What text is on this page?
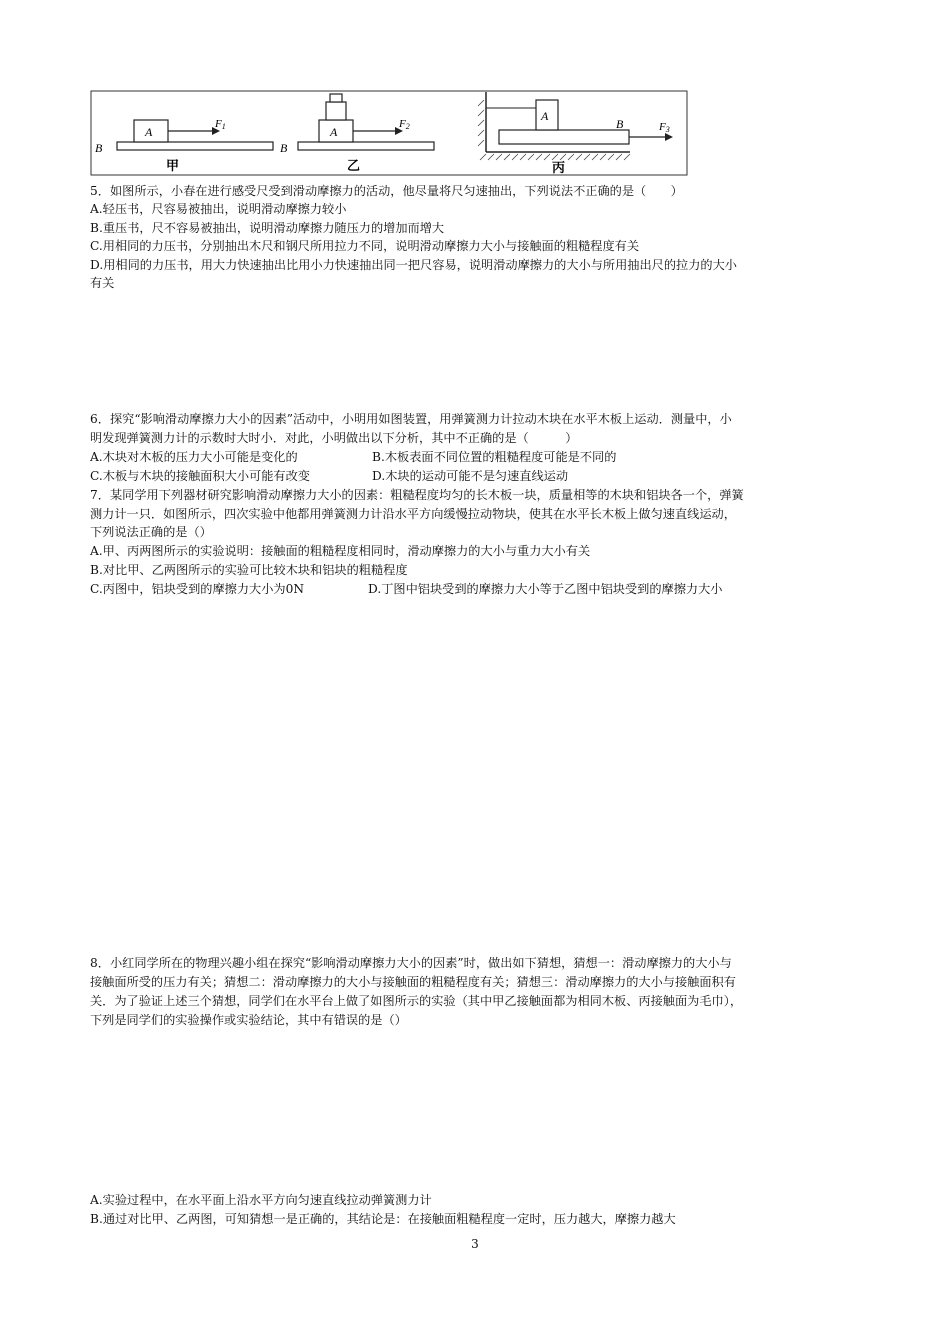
A
F1
B
甲
A
F2
B
乙
A
B	F3
丙
5．如图所示，小春在进行感受尺受到滑动摩擦力的活动，他尽量将尺匀速抽出，下列说法不正确的是（　　）
A.轻压书，尺容易被抽出，说明滑动摩擦力较小
B.重压书，尺不容易被抽出，说明滑动摩擦力随压力的增加而增大
C.用相同的力压书，分别抽出木尺和钢尺所用拉力不同，说明滑动摩擦力大小与接触面的粗糙程度有关
D.用相同的力压书，用大力快速抽出比用小力快速抽出同一把尺容易，说明滑动摩擦力的大小与所用抽出尺的拉力的大小
有关
6．探究“影响滑动摩擦力大小的因素”活动中，小明用如图装置，用弹簧测力计拉动木块在水平木板上运动．测量中，小
明发现弹簧测力计的示数时大时小．对此，小明做出以下分析，其中不正确的是（　　　）
A.木块对木板的压力大小可能是变化的	B.木板表面不同位置的粗糙程度可能是不同的
C.木板与木块的接触面积大小可能有改变	D.木块的运动可能不是匀速直线运动
7．某同学用下列器材研究影响滑动摩擦力大小的因素：粗糙程度均匀的长木板一块，质量相等的木块和铝块各一个，弹簧
测力计一只．如图所示，四次实验中他都用弹簧测力计沿水平方向缓慢拉动物块，使其在水平长木板上做匀速直线运动，
下列说法正确的是（）
A.甲、丙两图所示的实验说明：接触面的粗糙程度相同时，滑动摩擦力的大小与重力大小有关
B.对比甲、乙两图所示的实验可比较木块和铝块的粗糙程度
C.丙图中，铝块受到的摩擦力大小为0N	D.丁图中铝块受到的摩擦力大小等于乙图中铝块受到的摩擦力大小
8．小红同学所在的物理兴趣小组在探究“影响滑动摩擦力大小的因素”时，做出如下猜想，猜想一：滑动摩擦力的大小与
接触面所受的压力有关；猜想二：滑动摩擦力的大小与接触面的粗糙程度有关；猜想三：滑动摩擦力的大小与接触面积有
关．为了验证上述三个猜想，同学们在水平台上做了如图所示的实验（其中甲乙接触面都为相同木板、丙接触面为毛巾），
下列是同学们的实验操作或实验结论，其中有错误的是（）
A.实验过程中，在水平面上沿水平方向匀速直线拉动弹簧测力计
B.通过对比甲、乙两图，可知猜想一是正确的，其结论是：在接触面粗糙程度一定时，压力越大，摩擦力越大
3
